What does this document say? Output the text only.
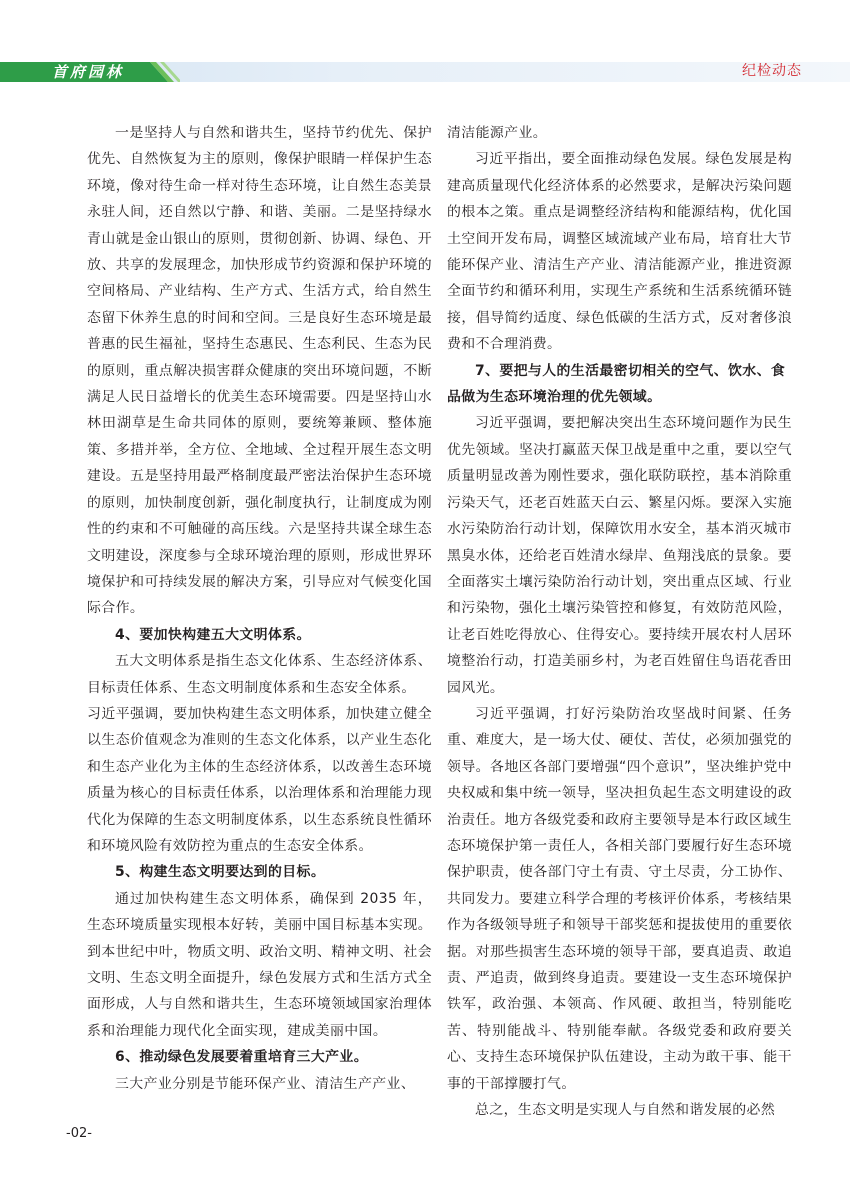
首府园林	纪检动态

一是坚持人与自然和谐共生，坚持节约优先、保护优先、自然恢复为主的原则，像保护眼睛一样保护生态环境，像对待生命一样对待生态环境，让自然生态美景永驻人间，还自然以宁静、和谐、美丽。二是坚持绿水青山就是金山银山的原则，贯彻创新、协调、绿色、开放、共享的发展理念，加快形成节约资源和保护环境的空间格局、产业结构、生产方式、生活方式，给自然生态留下休养生息的时间和空间。三是良好生态环境是最普惠的民生福祉，坚持生态惠民、生态利民、生态为民的原则，重点解决损害群众健康的突出环境问题，不断满足人民日益增长的优美生态环境需要。四是坚持山水林田湖草是生命共同体的原则，要统筹兼顾、整体施策、多措并举，全方位、全地域、全过程开展生态文明建设。五是坚持用最严格制度最严密法治保护生态环境的原则，加快制度创新，强化制度执行，让制度成为刚性的约束和不可触碰的高压线。六是坚持共谋全球生态文明建设，深度参与全球环境治理的原则，形成世界环境保护和可持续发展的解决方案，引导应对气候变化国际合作。

4、要加快构建五大文明体系。

五大文明体系是指生态文化体系、生态经济体系、目标责任体系、生态文明制度体系和生态安全体系。

习近平强调，要加快构建生态文明体系，加快建立健全以生态价值观念为准则的生态文化体系，以产业生态化和生态产业化为主体的生态经济体系，以改善生态环境质量为核心的目标责任体系，以治理体系和治理能力现代化为保障的生态文明制度体系，以生态系统良性循环和环境风险有效防控为重点的生态安全体系。

5、构建生态文明要达到的目标。

通过加快构建生态文明体系，确保到 2035 年，生态环境质量实现根本好转，美丽中国目标基本实现。到本世纪中叶，物质文明、政治文明、精神文明、社会文明、生态文明全面提升，绿色发展方式和生活方式全面形成，人与自然和谐共生，生态环境领域国家治理体系和治理能力现代化全面实现，建成美丽中国。

6、推动绿色发展要着重培育三大产业。

三大产业分别是节能环保产业、清洁生产产业、

清洁能源产业。

习近平指出，要全面推动绿色发展。绿色发展是构建高质量现代化经济体系的必然要求，是解决污染问题的根本之策。重点是调整经济结构和能源结构，优化国土空间开发布局，调整区域流域产业布局，培育壮大节能环保产业、清洁生产产业、清洁能源产业，推进资源全面节约和循环利用，实现生产系统和生活系统循环链接，倡导简约适度、绿色低碳的生活方式，反对奢侈浪费和不合理消费。

7、要把与人的生活最密切相关的空气、饮水、食品做为生态环境治理的优先领域。

习近平强调，要把解决突出生态环境问题作为民生优先领域。坚决打赢蓝天保卫战是重中之重，要以空气质量明显改善为刚性要求，强化联防联控，基本消除重污染天气，还老百姓蓝天白云、繁星闪烁。要深入实施水污染防治行动计划，保障饮用水安全，基本消灭城市黑臭水体，还给老百姓清水绿岸、鱼翔浅底的景象。要全面落实土壤污染防治行动计划，突出重点区域、行业和污染物，强化土壤污染管控和修复，有效防范风险，让老百姓吃得放心、住得安心。要持续开展农村人居环境整治行动，打造美丽乡村，为老百姓留住鸟语花香田园风光。

习近平强调，打好污染防治攻坚战时间紧、任务重、难度大，是一场大仗、硬仗、苦仗，必须加强党的领导。各地区各部门要增强“四个意识”，坚决维护党中央权威和集中统一领导，坚决担负起生态文明建设的政治责任。地方各级党委和政府主要领导是本行政区域生态环境保护第一责任人，各相关部门要履行好生态环境保护职责，使各部门守土有责、守土尽责，分工协作、共同发力。要建立科学合理的考核评价体系，考核结果作为各级领导班子和领导干部奖惩和提拔使用的重要依据。对那些损害生态环境的领导干部，要真追责、敢追责、严追责，做到终身追责。要建设一支生态环境保护铁军，政治强、本领高、作风硬、敢担当，特别能吃苦、特别能战斗、特别能奉献。各级党委和政府要关心、支持生态环境保护队伍建设，主动为敢干事、能干事的干部撑腰打气。

总之，生态文明是实现人与自然和谐发展的必然

-02-
